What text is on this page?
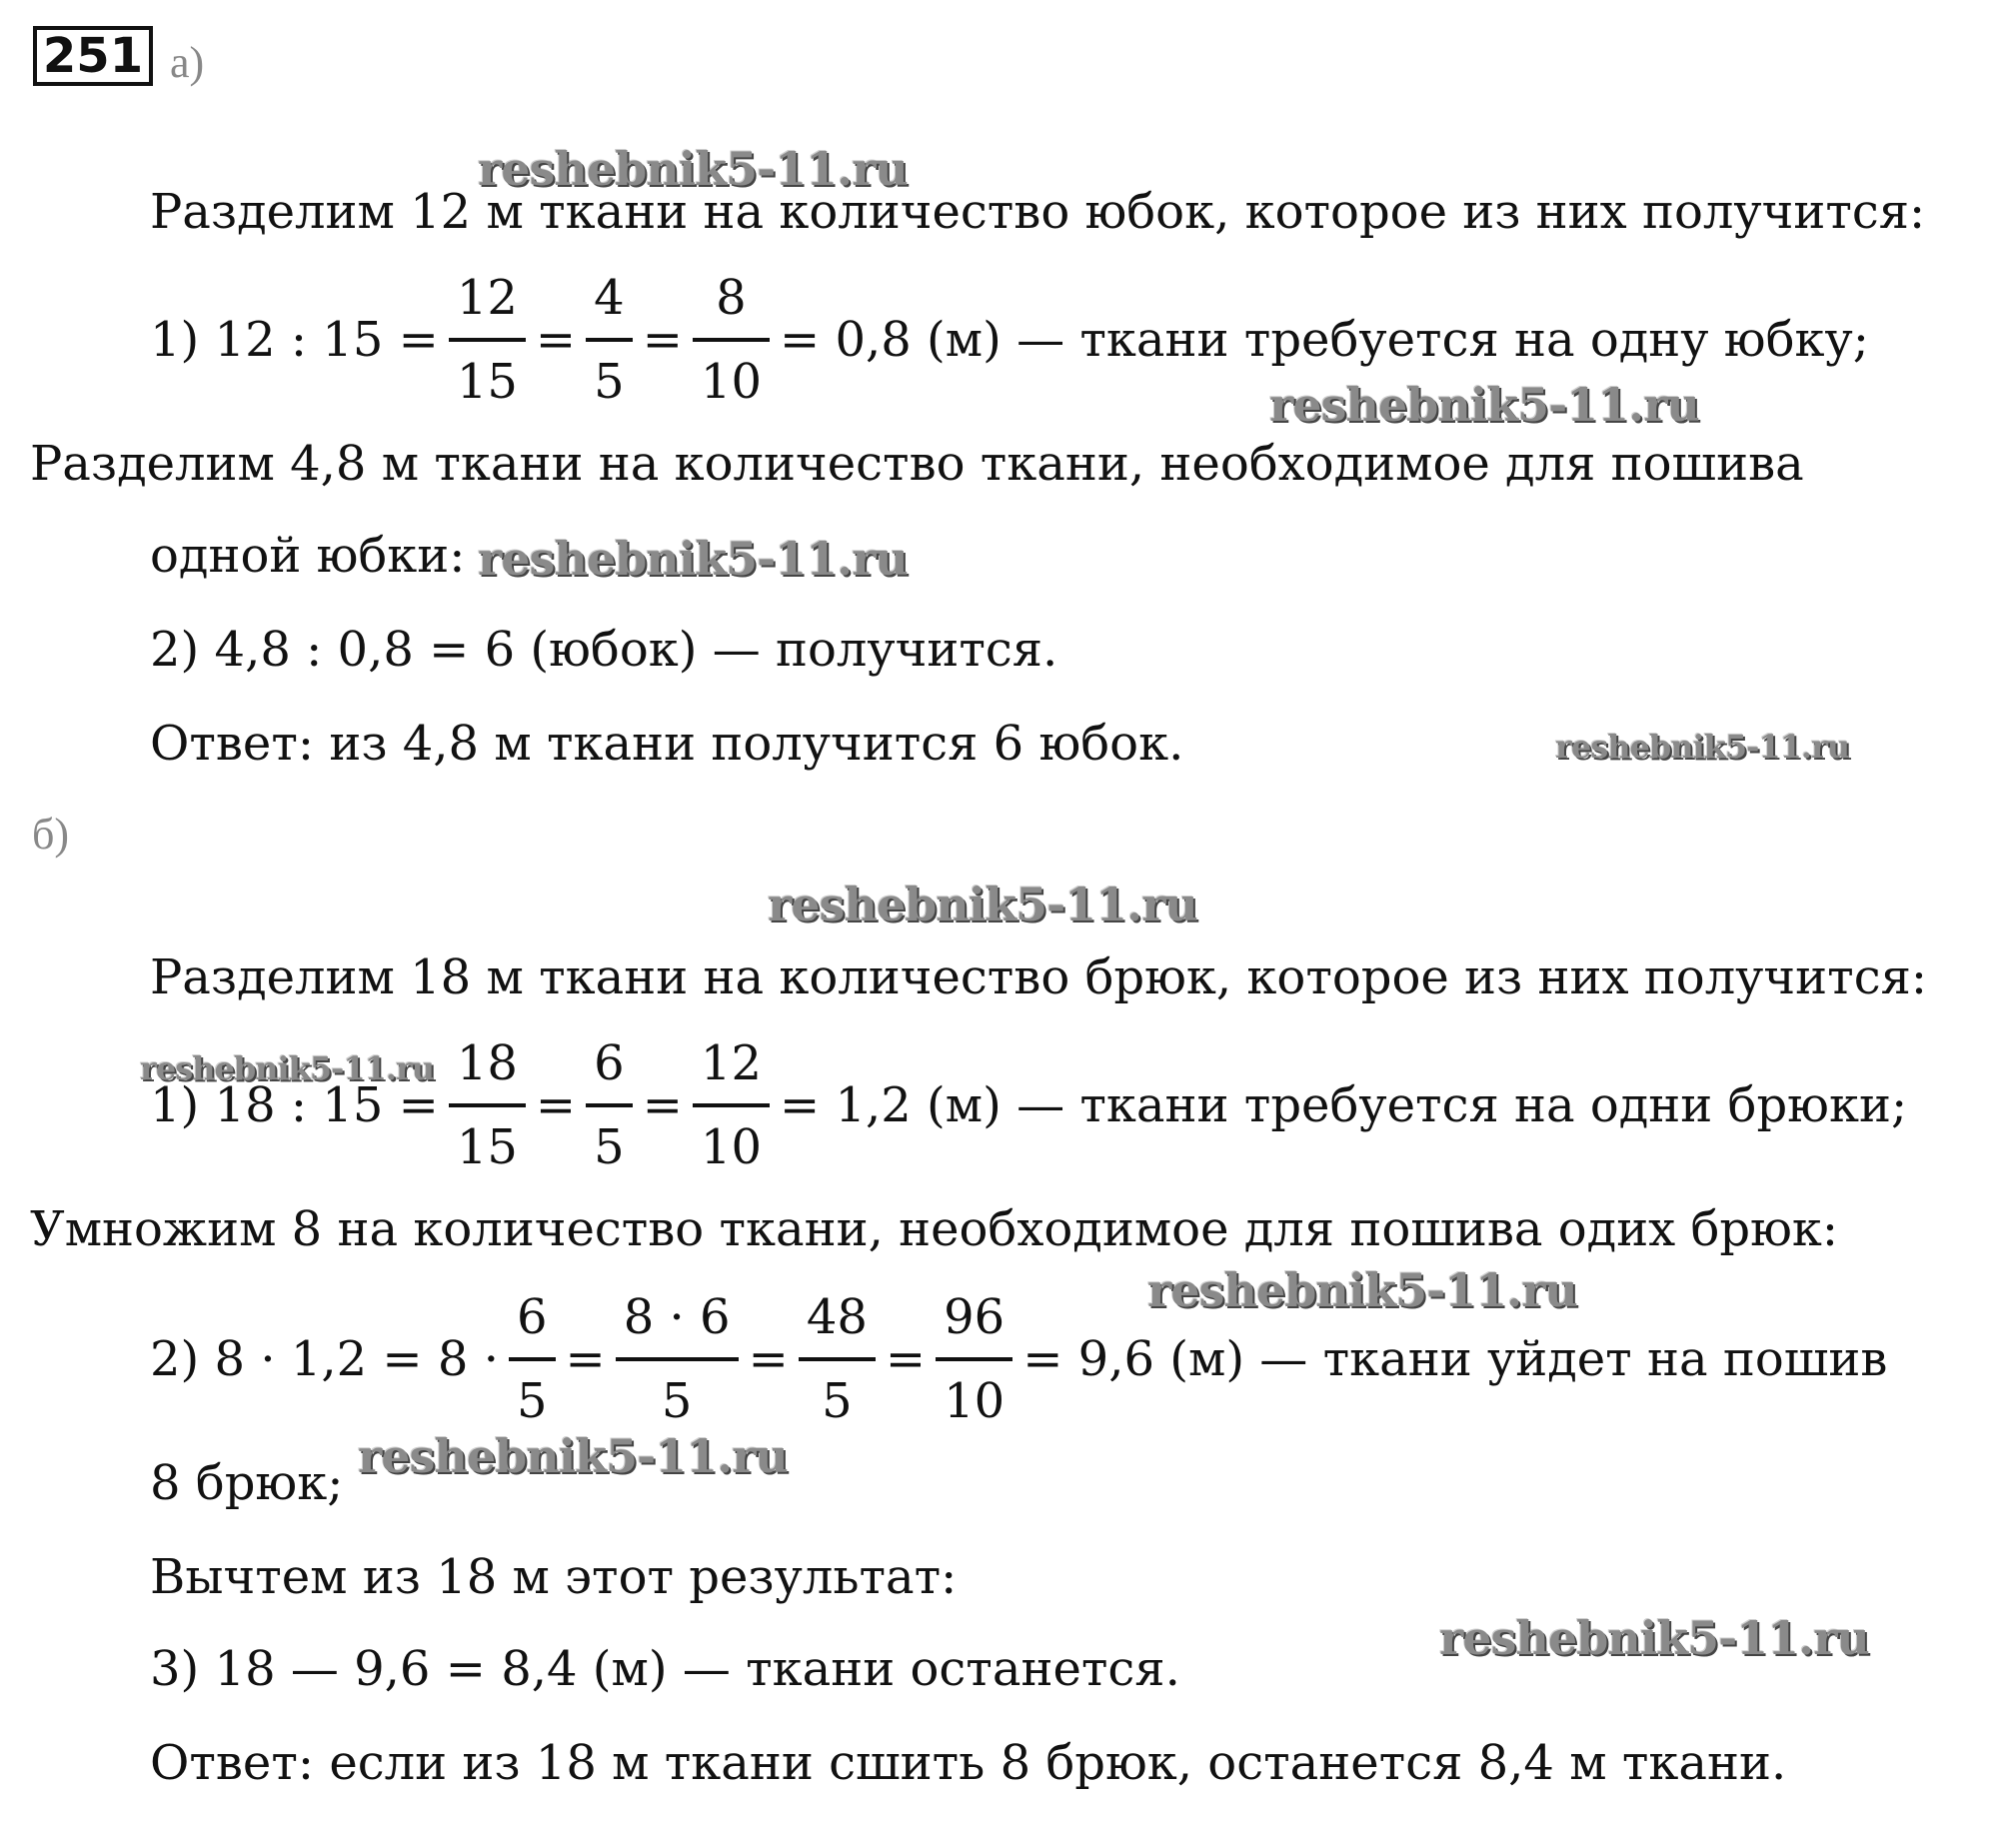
251 а)
Разделим 12 м ткани на количество юбок, которое из них получится:
1) 12 : $15 = \frac{12}{15} = \frac{4}{5} = \frac{8}{10} = 0,8$ (м) — ткани требуется на одну юбку;
Разделим 4,8 м ткани на количество ткани, необходимое для пошива
одной юбки:
2) 4,8 : 0,8 = 6 (юбок) — получится.
Ответ: из 4,8 м ткани получится 6 юбок.
б)
Разделим 18 м ткани на количество брюк, которое из них получится:
1) 18 : $15 = \frac{18}{15} = \frac{6}{5} = \frac{12}{10} = 1,2$ (м) — ткани требуется на одни брюки;
Умножим 8 на количество ткани, необходимое для пошива одих брюк:
2) $8 \cdot 1,2 = 8 \cdot \frac{6}{5} = \frac{8 \cdot 6}{5} = \frac{48}{5} = \frac{96}{10} = 9,6$ (м) — ткани уйдет на пошив
8 брюк;
Вычтем из 18 м этот результат:
3) 18 — 9,6 = 8,4 (м) — ткани останется.
Ответ: если из 18 м ткани сшить 8 брюк, останется 8,4 м ткани.
reshebnik5-11.ru
reshebnik5-11.ru
reshebnik5-11.ru
reshebnik5-11.ru
reshebnik5-11.ru
reshebnik5-11.ru
reshebnik5-11.ru
reshebnik5-11.ru
reshebnik5-11.ru
